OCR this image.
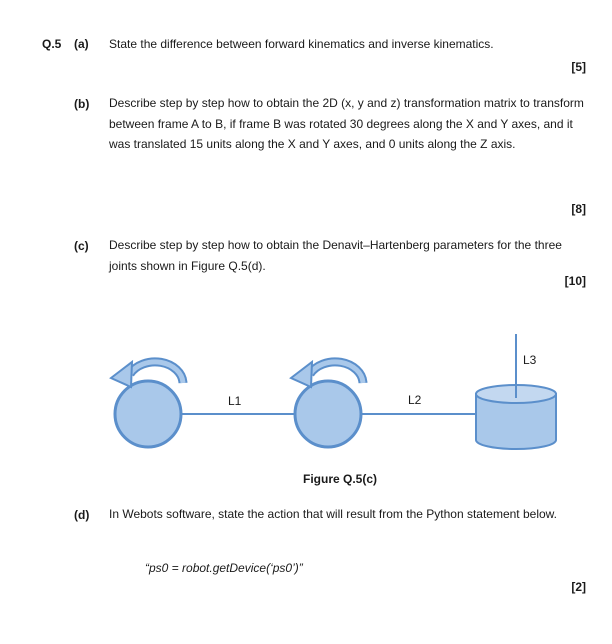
Q.5 (a) State the difference between forward kinematics and inverse kinematics.
[5]
(b) Describe step by step how to obtain the 2D (x, y and z) transformation matrix to transform between frame A to B, if frame B was rotated 30 degrees along the X and Y axes, and it was translated 15 units along the X and Y axes, and 0 units along the Z axis.
[8]
(c) Describe step by step how to obtain the Denavit–Hartenberg parameters for the three joints shown in Figure Q.5(d).
[10]
L1	L2
L3
Figure Q.5(c)
(d) In Webots software, state the action that will result from the Python statement below.
“ps0 = robot.getDevice(‘ps0’)”
[2]
